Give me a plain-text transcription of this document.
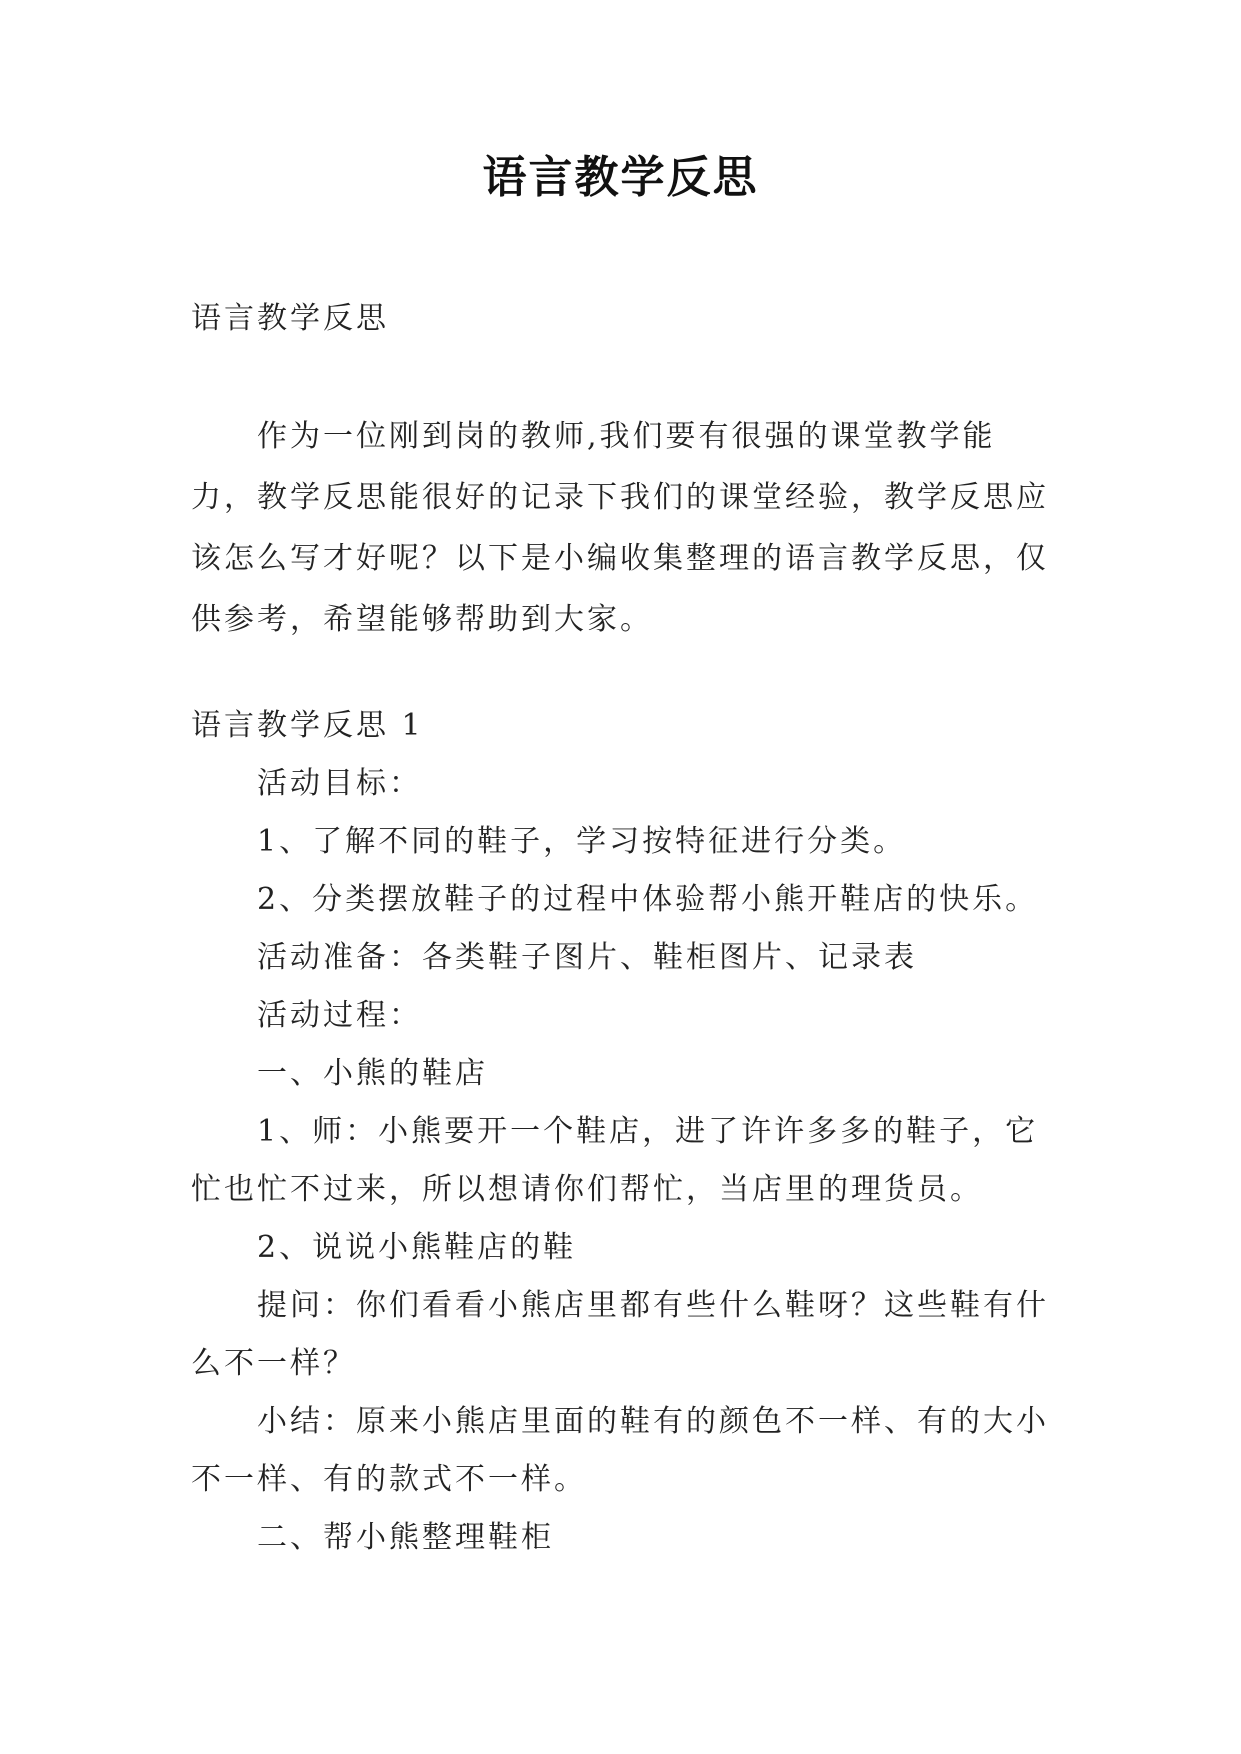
语言教学反思
语言教学反思
作为一位刚到岗的教师,我们要有很强的课堂教学能力，教学反思能很好的记录下我们的课堂经验，教学反思应该怎么写才好呢？以下是小编收集整理的语言教学反思，仅供参考，希望能够帮助到大家。

语言教学反思 1

活动目标：

1、了解不同的鞋子，学习按特征进行分类。

2、分类摆放鞋子的过程中体验帮小熊开鞋店的快乐。

活动准备：各类鞋子图片、鞋柜图片、记录表

活动过程：

一、小熊的鞋店

1、师：小熊要开一个鞋店，进了许许多多的鞋子，它忙也忙不过来，所以想请你们帮忙，当店里的理货员。

2、说说小熊鞋店的鞋

提问：你们看看小熊店里都有些什么鞋呀？这些鞋有什么不一样？

小结：原来小熊店里面的鞋有的颜色不一样、有的大小不一样、有的款式不一样。

二、帮小熊整理鞋柜
